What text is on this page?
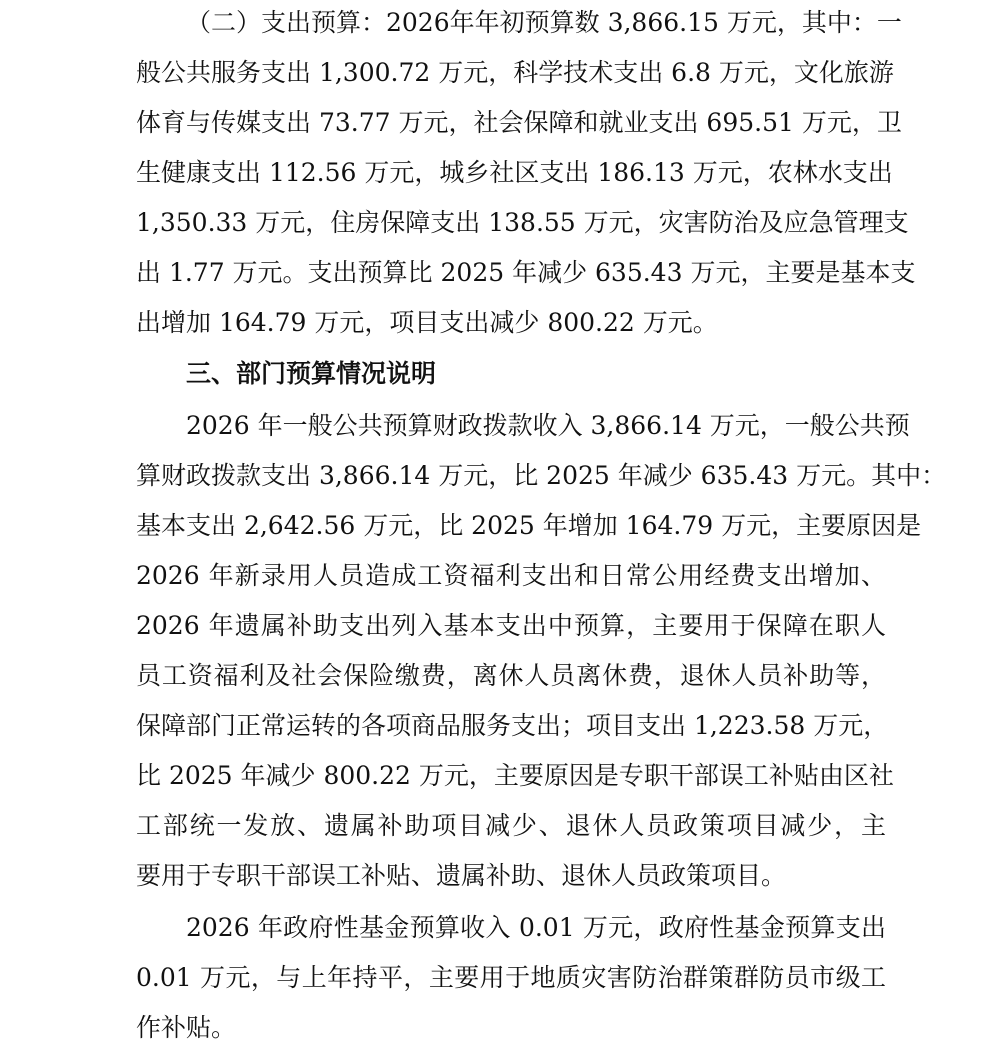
（二）支出预算：2026年年初预算数 3,866.15 万元，其中：一
般公共服务支出 1,300.72 万元，科学技术支出 6.8 万元，文化旅游
体育与传媒支出 73.77 万元，社会保障和就业支出 695.51 万元，卫
生健康支出 112.56 万元，城乡社区支出 186.13 万元，农林水支出
1,350.33 万元，住房保障支出 138.55 万元，灾害防治及应急管理支
出 1.77 万元。支出预算比 2025 年减少 635.43 万元，主要是基本支
出增加 164.79 万元，项目支出减少 800.22 万元。
三、部门预算情况说明
2026 年一般公共预算财政拨款收入 3,866.14 万元，一般公共预
算财政拨款支出 3,866.14 万元，比 2025 年减少 635.43 万元。其中：
基本支出 2,642.56 万元，比 2025 年增加 164.79 万元，主要原因是
2026 年新录用人员造成工资福利支出和日常公用经费支出增加、
2026 年遗属补助支出列入基本支出中预算，主要用于保障在职人
员工资福利及社会保险缴费，离休人员离休费，退休人员补助等，
保障部门正常运转的各项商品服务支出；项目支出 1,223.58 万元，
比 2025 年减少 800.22 万元，主要原因是专职干部误工补贴由区社
工部统一发放、遗属补助项目减少、退休人员政策项目减少，主
要用于专职干部误工补贴、遗属补助、退休人员政策项目。
2026 年政府性基金预算收入 0.01 万元，政府性基金预算支出
0.01 万元，与上年持平，主要用于地质灾害防治群策群防员市级工
作补贴。
